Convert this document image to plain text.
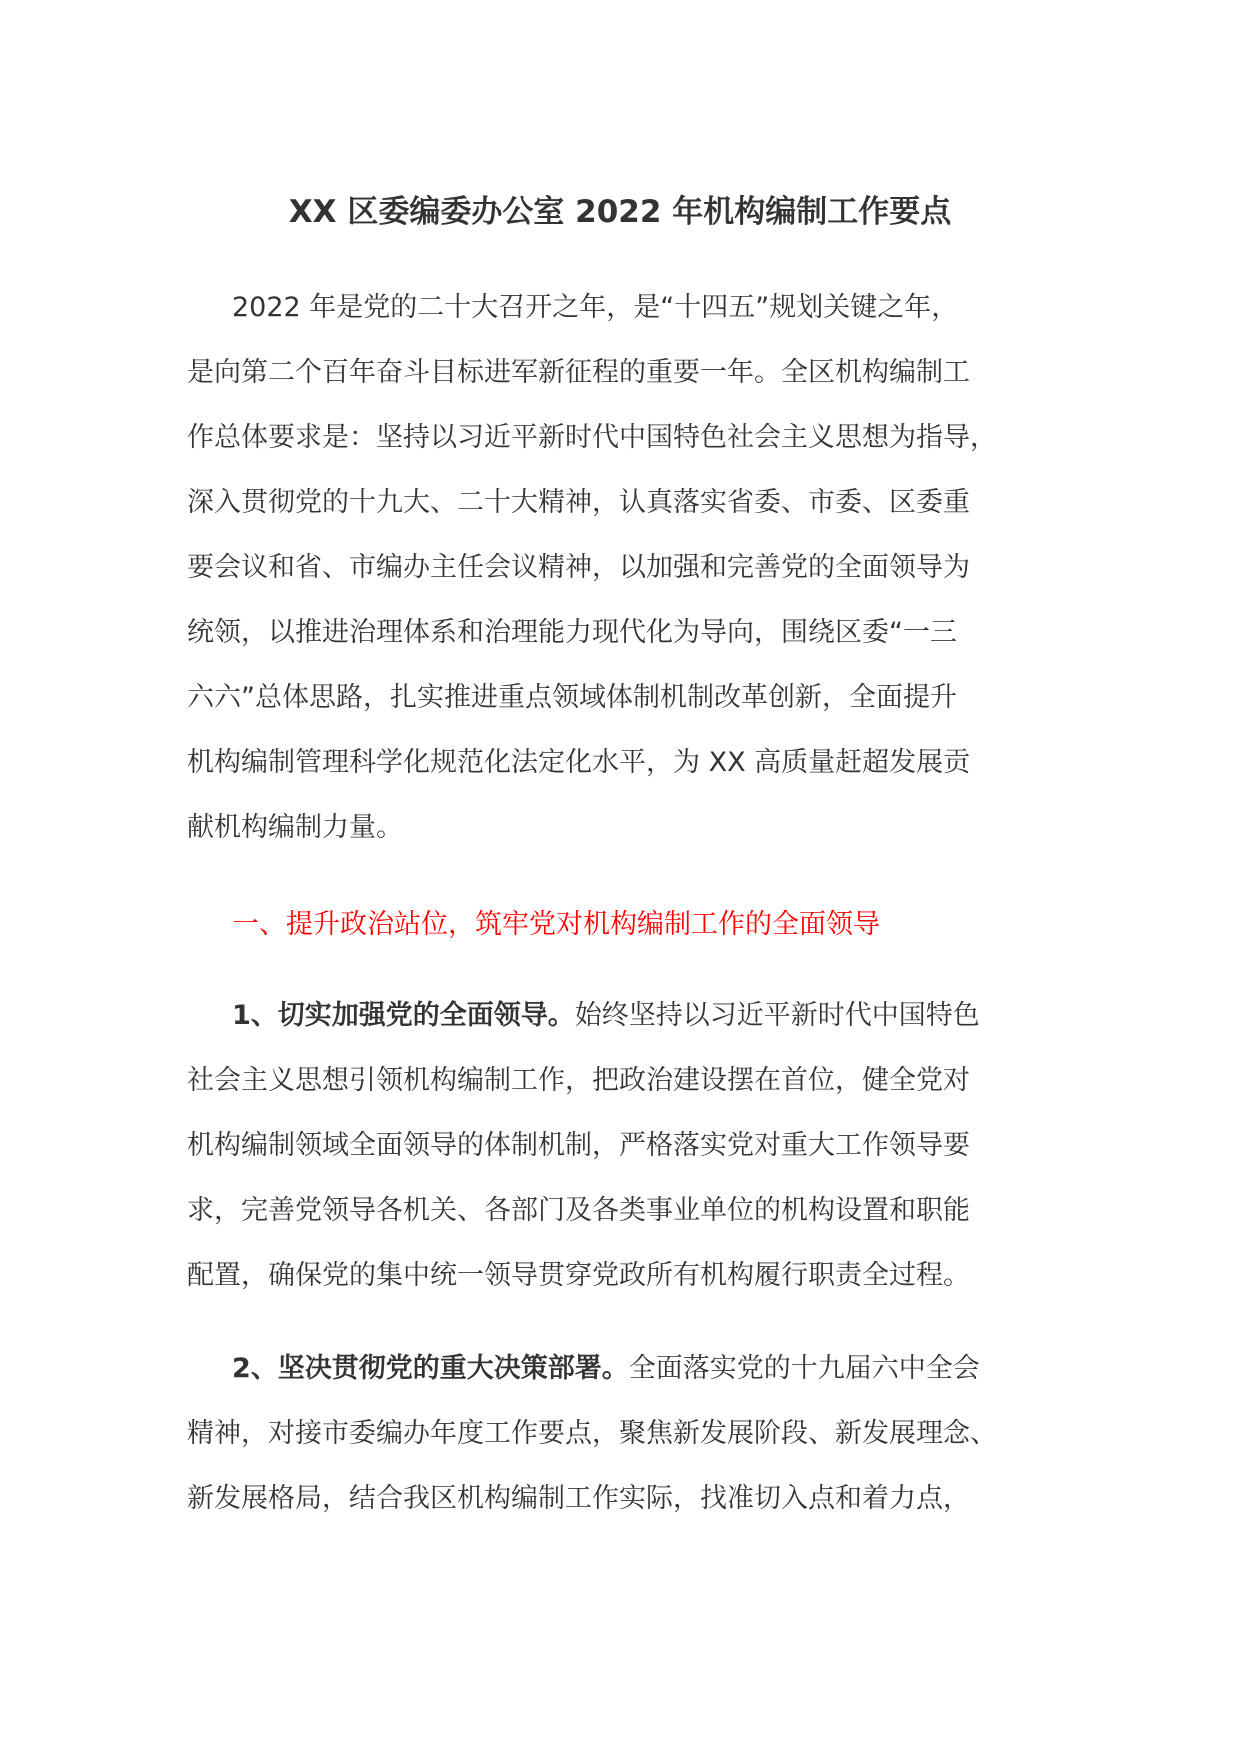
XX 区委编委办公室 2022 年机构编制工作要点
2022 年是党的二十大召开之年，是“十四五”规划关键之年，
是向第二个百年奋斗目标进军新征程的重要一年。全区机构编制工
作总体要求是：坚持以习近平新时代中国特色社会主义思想为指导，
深入贯彻党的十九大、二十大精神，认真落实省委、市委、区委重
要会议和省、市编办主任会议精神，以加强和完善党的全面领导为
统领，以推进治理体系和治理能力现代化为导向，围绕区委“一三
六六”总体思路，扎实推进重点领域体制机制改革创新，全面提升
机构编制管理科学化规范化法定化水平，为 XX 高质量赶超发展贡
献机构编制力量。
一、提升政治站位，筑牢党对机构编制工作的全面领导
1、切实加强党的全面领导。始终坚持以习近平新时代中国特色
社会主义思想引领机构编制工作，把政治建设摆在首位，健全党对
机构编制领域全面领导的体制机制，严格落实党对重大工作领导要
求，完善党领导各机关、各部门及各类事业单位的机构设置和职能
配置，确保党的集中统一领导贯穿党政所有机构履行职责全过程。
2、坚决贯彻党的重大决策部署。全面落实党的十九届六中全会
精神，对接市委编办年度工作要点，聚焦新发展阶段、新发展理念、
新发展格局，结合我区机构编制工作实际，找准切入点和着力点，
